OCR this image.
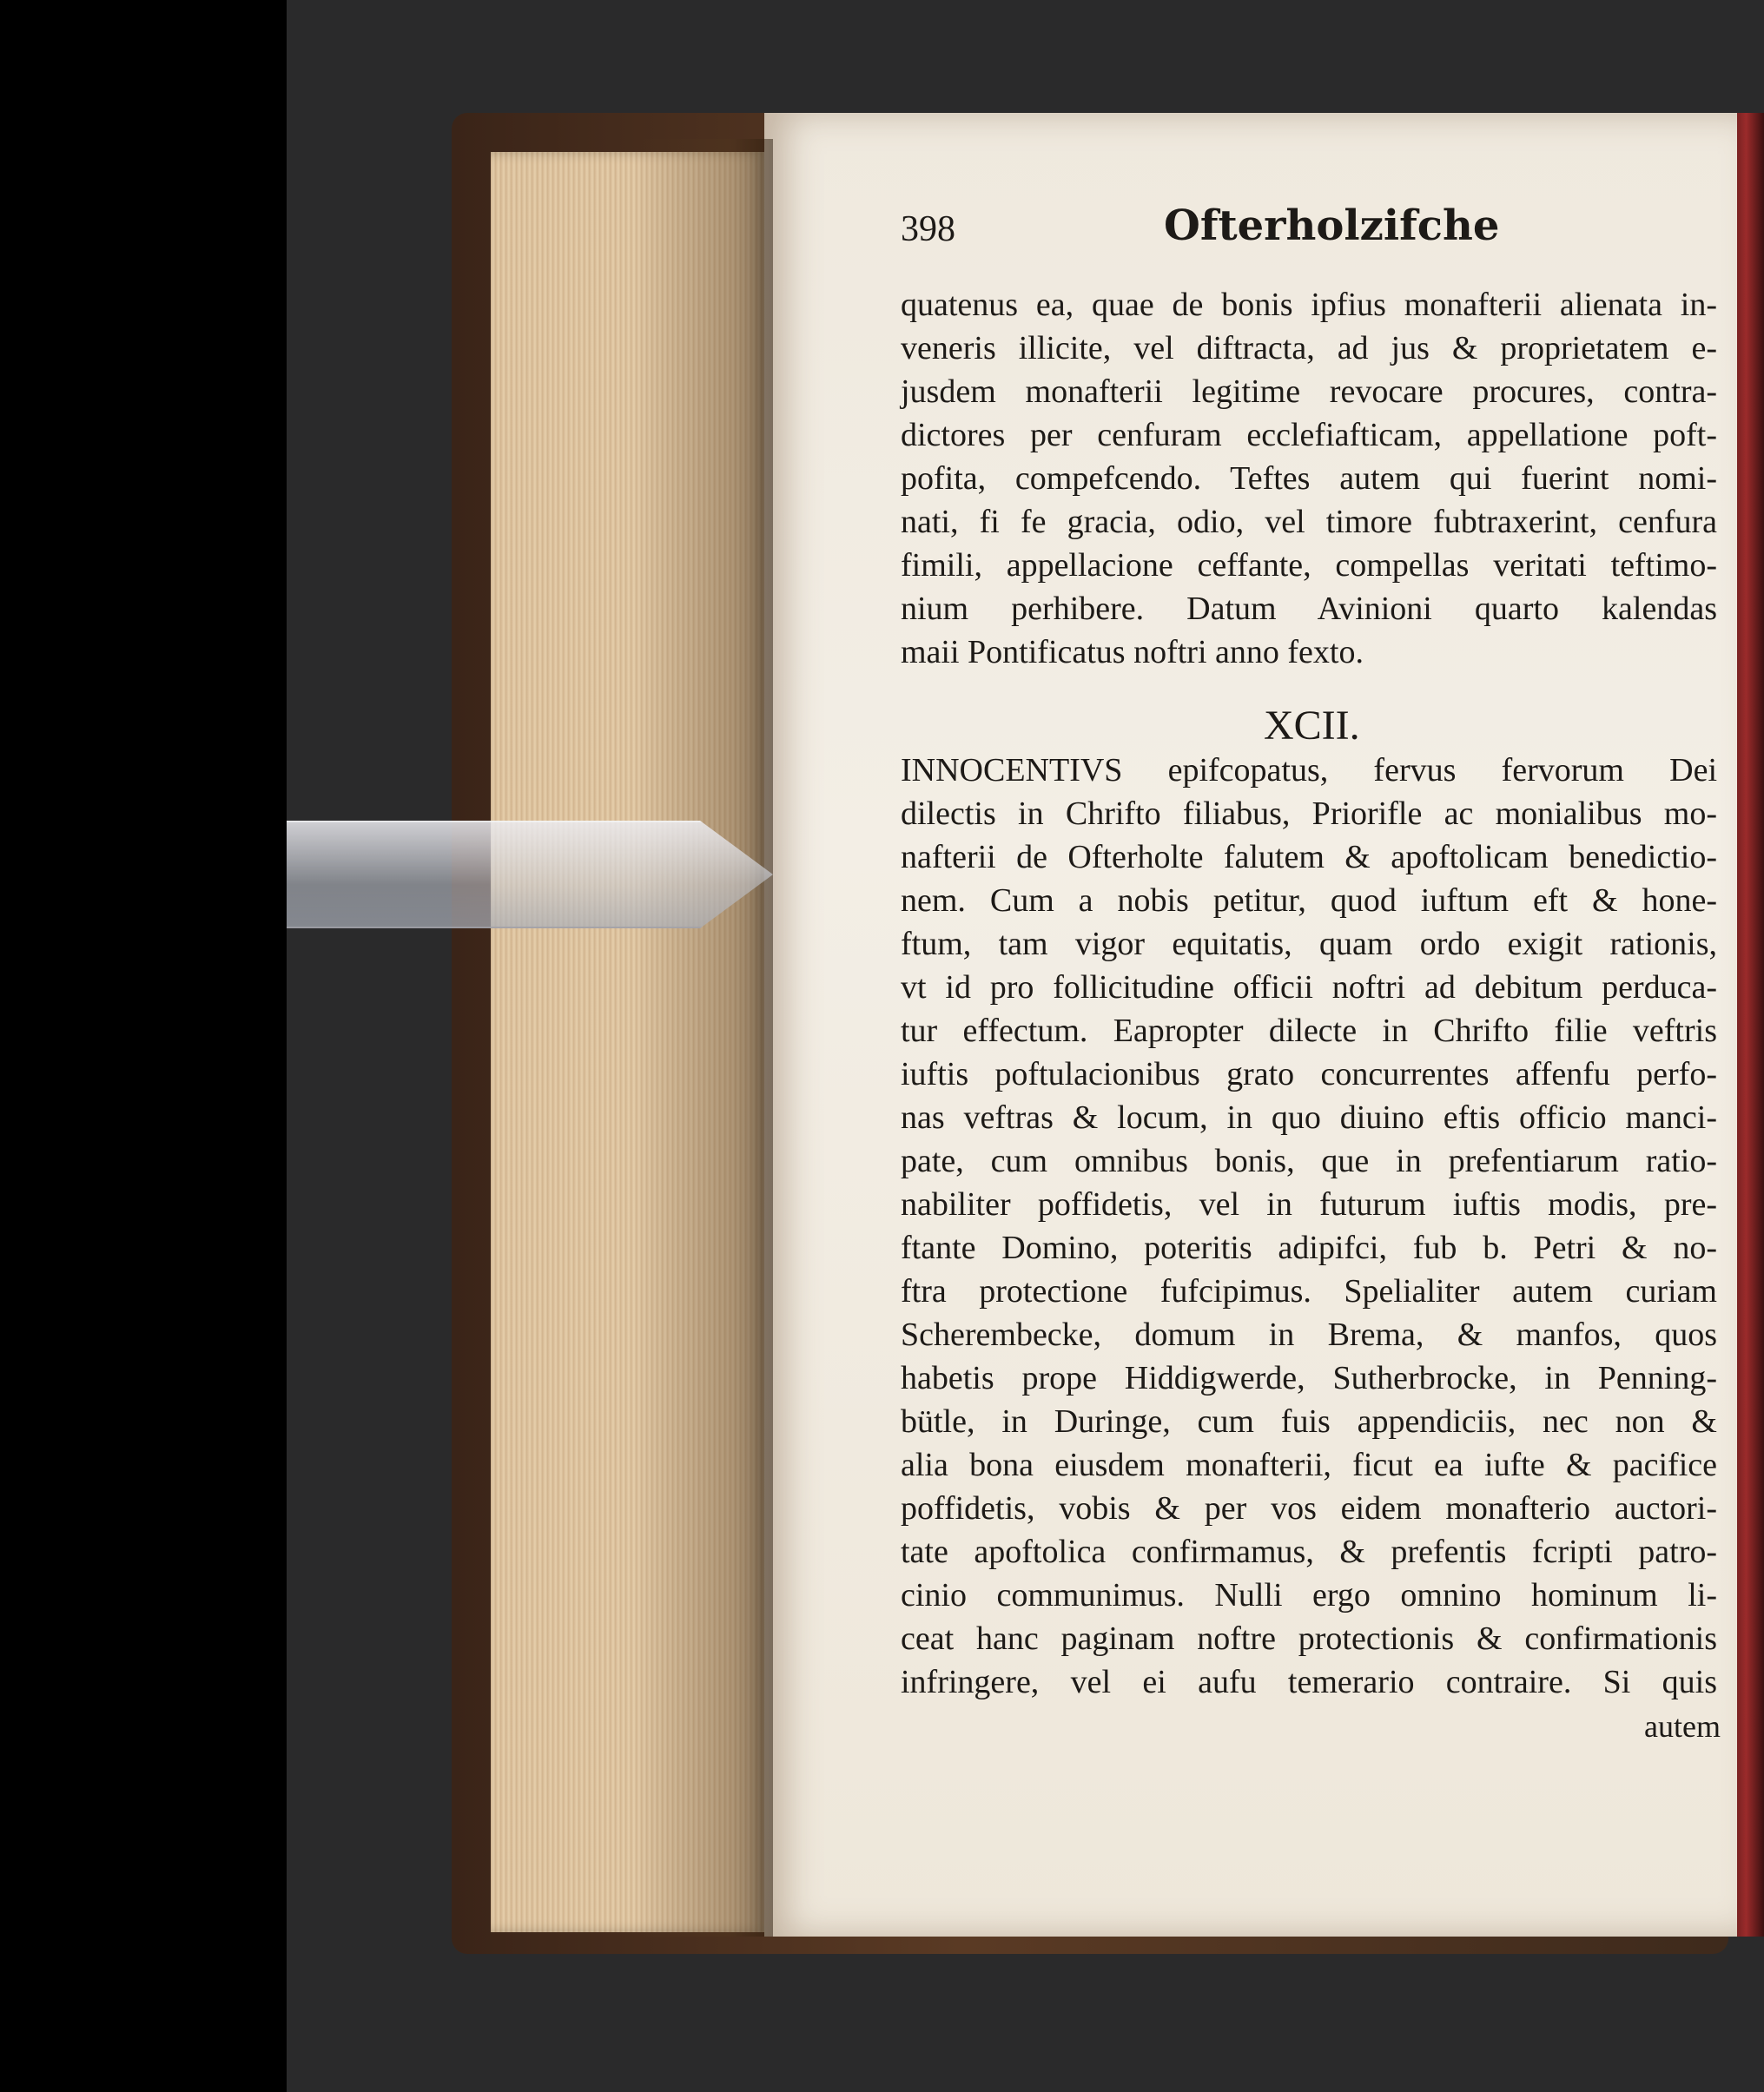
398	Ofterholzifche

quatenus ea, quae de bonis ipfius monafterii alienata in-

veneris illicite, vel diftracta, ad jus & proprietatem e-

jusdem monafterii legitime revocare procures, contra-

dictores per cenfuram ecclefiafticam, appellatione poft-

pofita, compefcendo. Teftes autem qui fuerint nomi-

nati, fi fe gracia, odio, vel timore fubtraxerint, cenfura

fimili, appellacione ceffante, compellas veritati teftimo-

nium perhibere. Datum Avinioni quarto kalendas

maii Pontificatus noftri anno fexto.

XCII.

INNOCENTIVS epifcopatus, fervus fervorum Dei

dilectis in Chrifto filiabus, Priorifle ac monialibus mo-

nafterii de Ofterholte falutem & apoftolicam benedictio-

nem. Cum a nobis petitur, quod iuftum eft & hone-

ftum, tam vigor equitatis, quam ordo exigit rationis,

vt id pro follicitudine officii noftri ad debitum perduca-

tur effectum. Eapropter dilecte in Chrifto filie veftris

iuftis poftulacionibus grato concurrentes affenfu perfo-

nas veftras & locum, in quo diuino eftis officio manci-

pate, cum omnibus bonis, que in prefentiarum ratio-

nabiliter poffidetis, vel in futurum iuftis modis, pre-

ftante Domino, poteritis adipifci, fub b. Petri & no-

ftra protectione fufcipimus. Spelialiter autem curiam

Scherembecke, domum in Brema, & manfos, quos

habetis prope Hiddigwerde, Sutherbrocke, in Penning-

bütle, in Duringe, cum fuis appendiciis, nec non &

alia bona eiusdem monafterii, ficut ea iufte & pacifice

poffidetis, vobis & per vos eidem monafterio auctori-

tate apoftolica confirmamus, & prefentis fcripti patro-

cinio communimus. Nulli ergo omnino hominum li-

ceat hanc paginam noftre protectionis & confirmationis

infringere, vel ei aufu temerario contraire. Si quis

autem
